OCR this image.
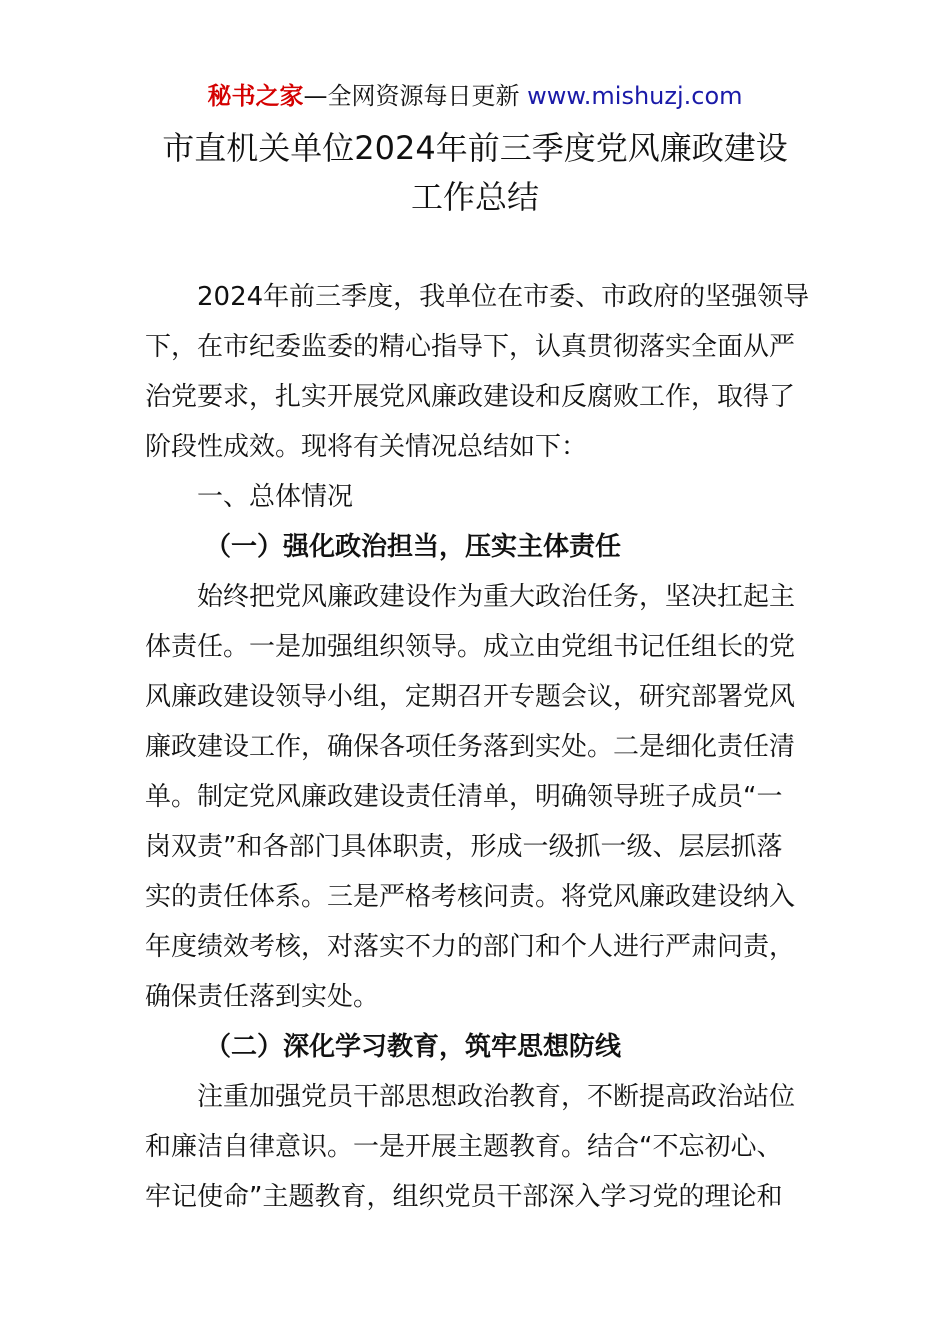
秘书之家—全网资源每日更新 www.mishuzj.com
市直机关单位2024年前三季度党风廉政建设
工作总结

2024年前三季度，我单位在市委、市政府的坚强领导

下，在市纪委监委的精心指导下，认真贯彻落实全面从严

治党要求，扎实开展党风廉政建设和反腐败工作，取得了

阶段性成效。现将有关情况总结如下：

一、总体情况

（一）强化政治担当，压实主体责任

始终把党风廉政建设作为重大政治任务，坚决扛起主

体责任。一是加强组织领导。成立由党组书记任组长的党

风廉政建设领导小组，定期召开专题会议，研究部署党风

廉政建设工作，确保各项任务落到实处。二是细化责任清

单。制定党风廉政建设责任清单，明确领导班子成员“一

岗双责”和各部门具体职责，形成一级抓一级、层层抓落

实的责任体系。三是严格考核问责。将党风廉政建设纳入

年度绩效考核，对落实不力的部门和个人进行严肃问责，

确保责任落到实处。

（二）深化学习教育，筑牢思想防线

注重加强党员干部思想政治教育，不断提高政治站位

和廉洁自律意识。一是开展主题教育。结合“不忘初心、

牢记使命”主题教育，组织党员干部深入学习党的理论和
